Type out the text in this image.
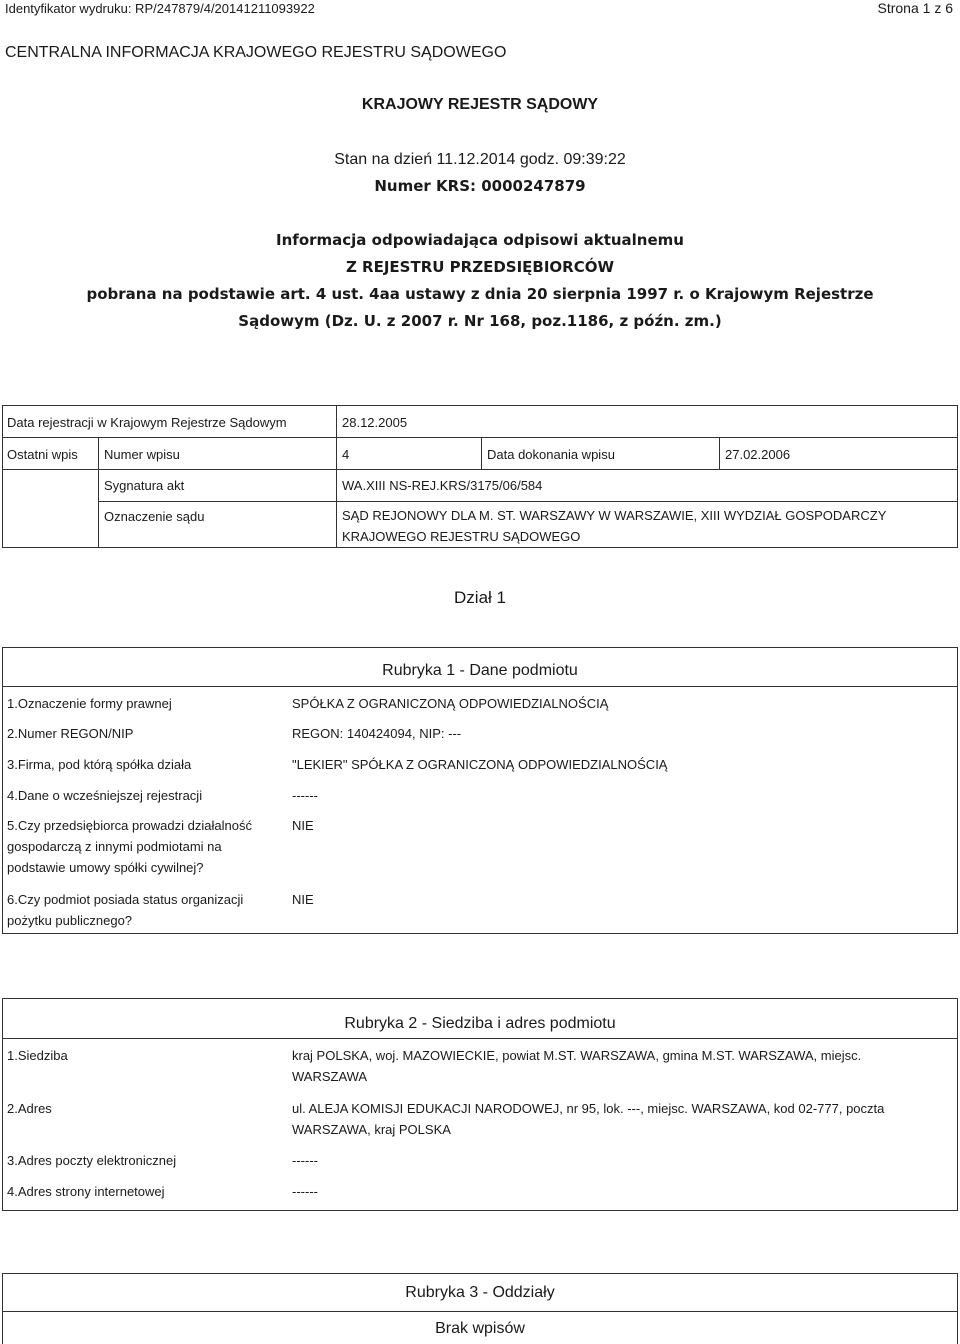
Identyfikator wydruku: RP/247879/4/20141211093922	Strona 1 z 6
CENTRALNA INFORMACJA KRAJOWEGO REJESTRU SĄDOWEGO
KRAJOWY REJESTR SĄDOWY
Stan na dzień 11.12.2014 godz. 09:39:22
Numer KRS: 0000247879
Informacja odpowiadająca odpisowi aktualnemu
Z REJESTRU PRZEDSIĘBIORCÓW
pobrana na podstawie art. 4 ust. 4aa ustawy z dnia 20 sierpnia 1997 r. o Krajowym Rejestrze
Sądowym (Dz. U. z 2007 r. Nr 168, poz.1186, z późn. zm.)
Data rejestracji w Krajowym Rejestrze Sądowym	28.12.2005
Ostatni wpis Numer wpisu	4	Data dokonania wpisu	27.02.2006
Sygnatura akt	WA.XIII NS-REJ.KRS/3175/06/584
Oznaczenie sądu	SĄD REJONOWY DLA M. ST. WARSZAWY W WARSZAWIE, XIII WYDZIAŁ GOSPODARCZY
KRAJOWEGO REJESTRU SĄDOWEGO
Dział 1
Rubryka 1 - Dane podmiotu
1.Oznaczenie formy prawnej	SPÓŁKA Z OGRANICZONĄ ODPOWIEDZIALNOŚCIĄ
2.Numer REGON/NIP	REGON: 140424094, NIP: ---
3.Firma, pod którą spółka działa	"LEKIER" SPÓŁKA Z OGRANICZONĄ ODPOWIEDZIALNOŚCIĄ
4.Dane o wcześniejszej rejestracji	------
5.Czy przedsiębiorca prowadzi działalność
gospodarczą z innymi podmiotami na
podstawie umowy spółki cywilnej?
NIE
6.Czy podmiot posiada status organizacji
pożytku publicznego?
NIE
Rubryka 2 - Siedziba i adres podmiotu
1.Siedziba	kraj POLSKA, woj. MAZOWIECKIE, powiat M.ST. WARSZAWA, gmina M.ST. WARSZAWA, miejsc.
WARSZAWA
2.Adres	ul. ALEJA KOMISJI EDUKACJI NARODOWEJ, nr 95, lok. ---, miejsc. WARSZAWA, kod 02-777, poczta
WARSZAWA, kraj POLSKA
3.Adres poczty elektronicznej	------
4.Adres strony internetowej	------
Rubryka 3 - Oddziały
Brak wpisów
